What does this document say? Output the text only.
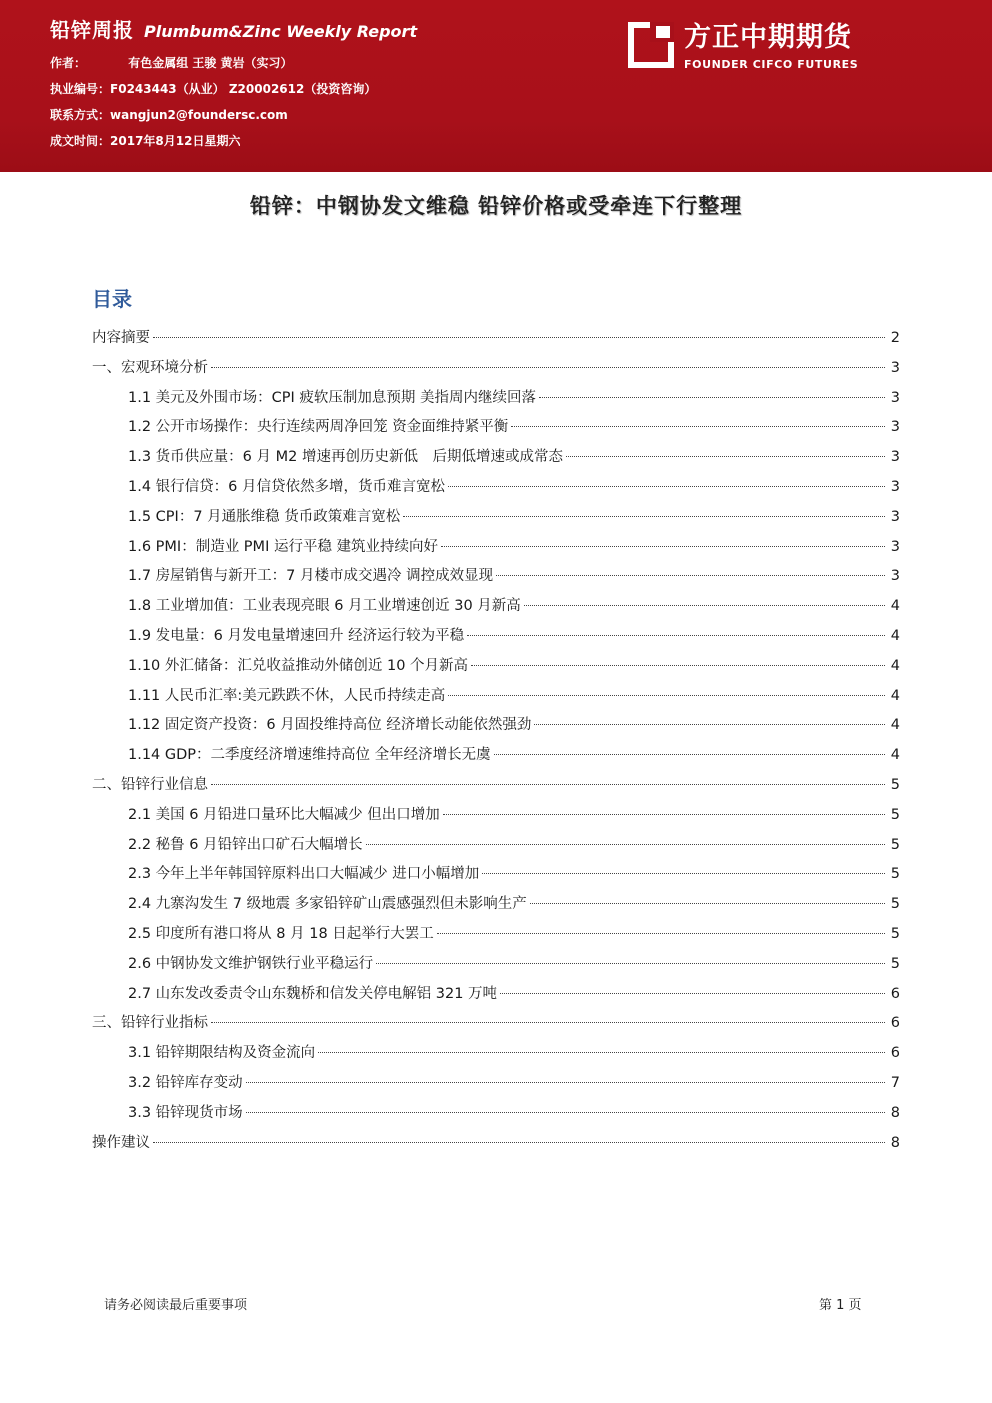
铅锌周报 Plumbum&Zinc Weekly Report
作者：	有色金属组 王骏 黄岩（实习）
执业编号：F0243443（从业） Z20002612（投资咨询）
联系方式：wangjun2@foundersc.com
成文时间：2017年8月12日星期六
方正中期期货
FOUNDER CIFCO FUTURES
铅锌：中钢协发文维稳 铅锌价格或受牵连下行整理
目录
内容摘要	2
一、宏观环境分析	3
1.1 美元及外围市场：CPI 疲软压制加息预期 美指周内继续回落	3
1.2 公开市场操作：央行连续两周净回笼 资金面维持紧平衡	3
1.3 货币供应量：6 月 M2 增速再创历史新低　后期低增速或成常态	3
1.4 银行信贷：6 月信贷依然多增，货币难言宽松	3
1.5 CPI：7 月通胀维稳 货币政策难言宽松	3
1.6 PMI：制造业 PMI 运行平稳 建筑业持续向好	3
1.7 房屋销售与新开工：7 月楼市成交遇冷 调控成效显现	3
1.8 工业增加值：工业表现亮眼 6 月工业增速创近 30 月新高	4
1.9 发电量：6 月发电量增速回升 经济运行较为平稳	4
1.10 外汇储备：汇兑收益推动外储创近 10 个月新高	4
1.11 人民币汇率:美元跌跌不休，人民币持续走高	4
1.12 固定资产投资：6 月固投维持高位 经济增长动能依然强劲	4
1.14 GDP：二季度经济增速维持高位 全年经济增长无虞	4
二、铅锌行业信息	5
2.1 美国 6 月铅进口量环比大幅减少 但出口增加	5
2.2 秘鲁 6 月铅锌出口矿石大幅增长	5
2.3 今年上半年韩国锌原料出口大幅减少 进口小幅增加	5
2.4 九寨沟发生 7 级地震 多家铅锌矿山震感强烈但未影响生产	5
2.5 印度所有港口将从 8 月 18 日起举行大罢工	5
2.6 中钢协发文维护钢铁行业平稳运行	5
2.7 山东发改委责令山东魏桥和信发关停电解铝 321 万吨	6
三、铅锌行业指标	6
3.1 铅锌期限结构及资金流向	6
3.2 铅锌库存变动	7
3.3 铅锌现货市场	8
操作建议	8
请务必阅读最后重要事项	第 1 页
